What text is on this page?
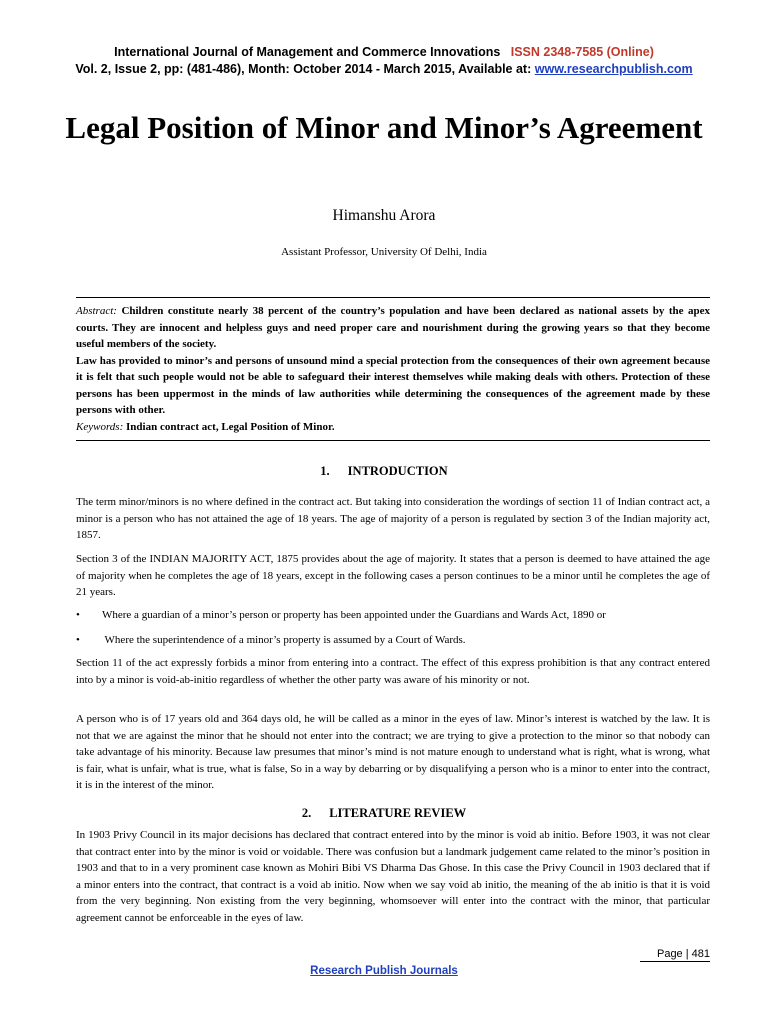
International Journal of Management and Commerce Innovations ISSN 2348-7585 (Online)
Vol. 2, Issue 2, pp: (481-486), Month: October 2014 - March 2015, Available at: www.researchpublish.com
Legal Position of Minor and Minor’s Agreement
Himanshu Arora
Assistant Professor, University Of Delhi, India

Abstract: Children constitute nearly 38 percent of the country’s population and have been declared as national assets by the apex courts. They are innocent and helpless guys and need proper care and nourishment during the growing years so that they become useful members of the society.

Law has provided to minor’s and persons of unsound mind a special protection from the consequences of their own agreement because it is felt that such people would not be able to safeguard their interest themselves while making deals with others. Protection of these persons has been uppermost in the minds of law authorities while determining the consequences of the agreement made by these persons with other.

Keywords: Indian contract act, Legal Position of Minor.
1. INTRODUCTION
The term minor/minors is no where defined in the contract act. But taking into consideration the wordings of section 11 of Indian contract act, a minor is a person who has not attained the age of 18 years. The age of majority of a person is regulated by section 3 of the Indian majority act, 1857.
Section 3 of the INDIAN MAJORITY ACT, 1875 provides about the age of majority. It states that a person is deemed to have attained the age of majority when he completes the age of 18 years, except in the following cases a person continues to be a minor until he completes the age of 21 years.
• Where a guardian of a minor’s person or property has been appointed under the Guardians and Wards Act, 1890 or
• Where the superintendence of a minor’s property is assumed by a Court of Wards.
Section 11 of the act expressly forbids a minor from entering into a contract. The effect of this express prohibition is that any contract entered into by a minor is void-ab-initio regardless of whether the other party was aware of his minority or not.
A person who is of 17 years old and 364 days old, he will be called as a minor in the eyes of law. Minor’s interest is watched by the law. It is not that we are against the minor that he should not enter into the contract; we are trying to give a protection to the minor so that nobody can take advantage of his minority. Because law presumes that minor’s mind is not mature enough to understand what is right, what is wrong, what is fair, what is unfair, what is true, what is false, So in a way by debarring or by disqualifying a person who is a minor to enter into the contract, it is in the interest of the minor.
2. LITERATURE REVIEW
In 1903 Privy Council in its major decisions has declared that contract entered into by the minor is void ab initio. Before 1903, it was not clear that contract enter into by the minor is void or voidable. There was confusion but a landmark judgement came related to the minor’s position in 1903 and that to in a very prominent case known as Mohiri Bibi VS Dharma Das Ghose. In this case the Privy Council in 1903 declared that if a minor enters into the contract, that contract is a void ab initio. Now when we say void ab initio, the meaning of the ab initio is that it is void from the very beginning. Non existing from the very beginning, whomsoever will enter into the contract with the minor, that particular agreement cannot be enforceable in the eyes of law.
Page | 481
Research Publish Journals
